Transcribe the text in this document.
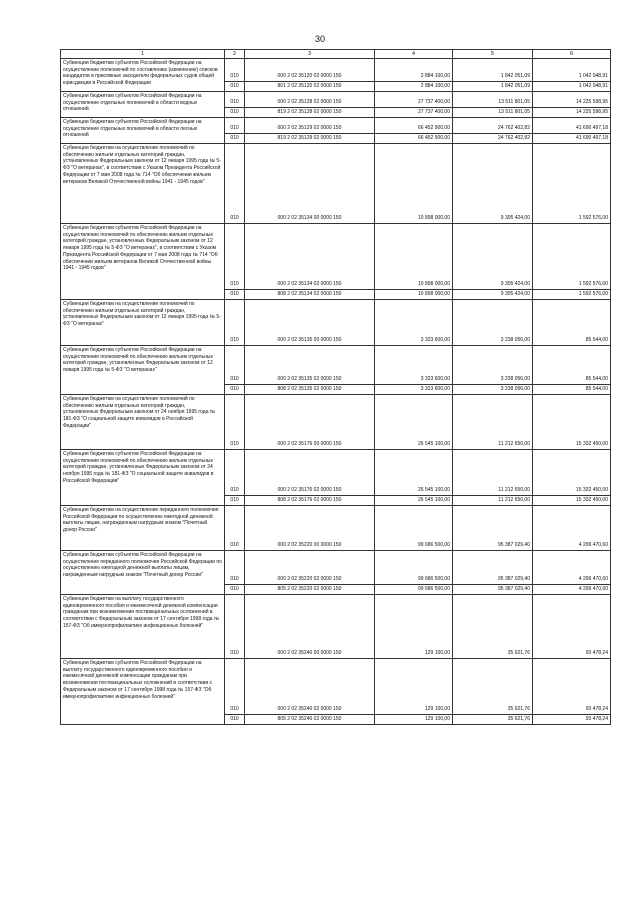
30
1	2	3	4	5	6
Субвенции бюджетам субъектов Российской Федерации на осуществление полномочий по составлению (изменению) списков кандидатов в присяжные заседатели федеральных судов общей юрисдикции в Российской Федерации	010	000 2 02 35120 02 0000 150	2 884 100,00	1 842 051,09	1 042 048,91
	010	801 2 02 35120 02 0000 150	2 884 100,00	1 842 051,09	1 042 048,91
Субвенции бюджетам субъектов Российской Федерации на осуществление отдельных полномочий в области водных отношений	010	000 2 02 35128 02 0000 150	27 737 400,00	13 511 801,05	14 225 598,95
	010	819 2 02 35128 02 0000 150	27 737 400,00	13 511 801,05	14 225 598,95
Субвенции бюджетам субъектов Российской Федерации на осуществление отдельных полномочий в области лесных отношений	010	000 2 02 35129 02 0000 150	66 452 900,00	24 762 402,82	41 690 497,18
	010	819 2 02 35129 02 0000 150	66 452 900,00	24 762 402,82	41 690 497,18
Субвенции бюджетам на осуществление полномочий по обеспечению жильем отдельных категорий граждан, установленных Федеральным законом от 12 января 1995 года № 5-ФЗ "О ветеранах", в соответствии с Указом Президента Российской Федерации от 7 мая 2008 года № 714 "Об обеспечении жильем ветеранов Великой Отечественной войны 1941 - 1945 годов"	010	000 2 02 35134 00 0000 150	10 898 000,00	9 305 424,00	1 592 576,00
Субвенции бюджетам субъектов Российской Федерации на осуществление полномочий по обеспечению жильем отдельных категорий граждан, установленных Федеральным законом от 12 января 1995 года № 5-ФЗ "О ветеранах", в соответствии с Указом Президента Российской Федерации от 7 мая 2008 года № 714 "Об обеспечении жильем ветеранов Великой Отечественной войны 1941 - 1945 годов"	010	000 2 02 35134 02 0000 150	10 898 000,00	9 305 424,00	1 592 576,00
	010	808 2 02 35134 02 0000 150	10 898 000,00	9 305 424,00	1 592 576,00
Субвенции бюджетам на осуществление полномочий по обеспечению жильем отдельных категорий граждан, установленных Федеральным законом от 12 января 1995 года № 5-ФЗ "О ветеранах"	010	000 2 02 35135 00 0000 150	3 323 600,00	3 238 056,00	85 544,00
Субвенции бюджетам субъектов Российской Федерации на осуществление полномочий по обеспечению жильем отдельных категорий граждан, установленных Федеральным законом от 12 января 1995 года № 5-ФЗ "О ветеранах"	010	000 2 02 35135 02 0000 150	3 323 600,00	3 238 056,00	85 544,00
	010	808 2 02 35135 02 0000 150	3 323 600,00	3 238 056,00	85 544,00
Субвенции бюджетам на осуществление полномочий по обеспечению жильем отдельных категорий граждан, установленных Федеральным законом от 24 ноября 1995 года № 181-ФЗ "О социальной защите инвалидов в Российской Федерации"	010	000 2 02 35176 00 0000 150	26 545 100,00	11 212 650,00	15 332 450,00
Субвенции бюджетам субъектов Российской Федерации на осуществление полномочий по обеспечению жильем отдельных категорий граждан, установленных Федеральным законом от 24 ноября 1995 года № 181-ФЗ "О социальной защите инвалидов в Российской Федерации"	010	000 2 02 35176 02 0000 150	26 545 100,00	11 212 650,00	15 332 450,00
	010	808 2 02 35176 02 0000 150	26 545 100,00	11 212 650,00	15 332 450,00
Субвенции бюджетам на осуществление переданного полномочия Российской Федерации по осуществлению ежегодной денежной выплаты лицам, награжденным нагрудным знаком "Почетный донор России"	010	000 2 02 35220 00 0000 150	99 686 500,00	95 387 029,40	4 299 470,60
Субвенции бюджетам субъектов Российской Федерации на осуществление переданного полномочия Российской Федерации по осуществлению ежегодной денежной выплаты лицам, награжденным нагрудным знаком "Почетный донор России"	010	000 2 02 35220 02 0000 150	99 686 500,00	95 387 029,40	4 299 470,60
	010	805 2 02 35220 02 0000 150	99 686 500,00	95 387 029,40	4 299 470,60
Субвенции бюджетам на выплату государственного единовременного пособия и ежемесячной денежной компенсации гражданам при возникновении поствакцинальных осложнений в соответствии с Федеральным законом от 17 сентября 1998 года № 157-ФЗ "Об иммунопрофилактике инфекционных болезней"	010	000 2 02 35240 00 0000 150	129 100,00	35 621,76	93 478,24
Субвенции бюджетам субъектов Российской Федерации на выплату государственного единовременного пособия и ежемесячной денежной компенсации гражданам при возникновении поствакцинальных осложнений в соответствии с Федеральным законом от 17 сентября 1998 года № 157-ФЗ "Об иммунопрофилактике инфекционных болезней"	010	000 2 02 35240 02 0000 150	129 100,00	35 621,76	93 478,24
	010	805 2 02 35240 02 0000 150	129 100,00	35 621,76	93 478,24
